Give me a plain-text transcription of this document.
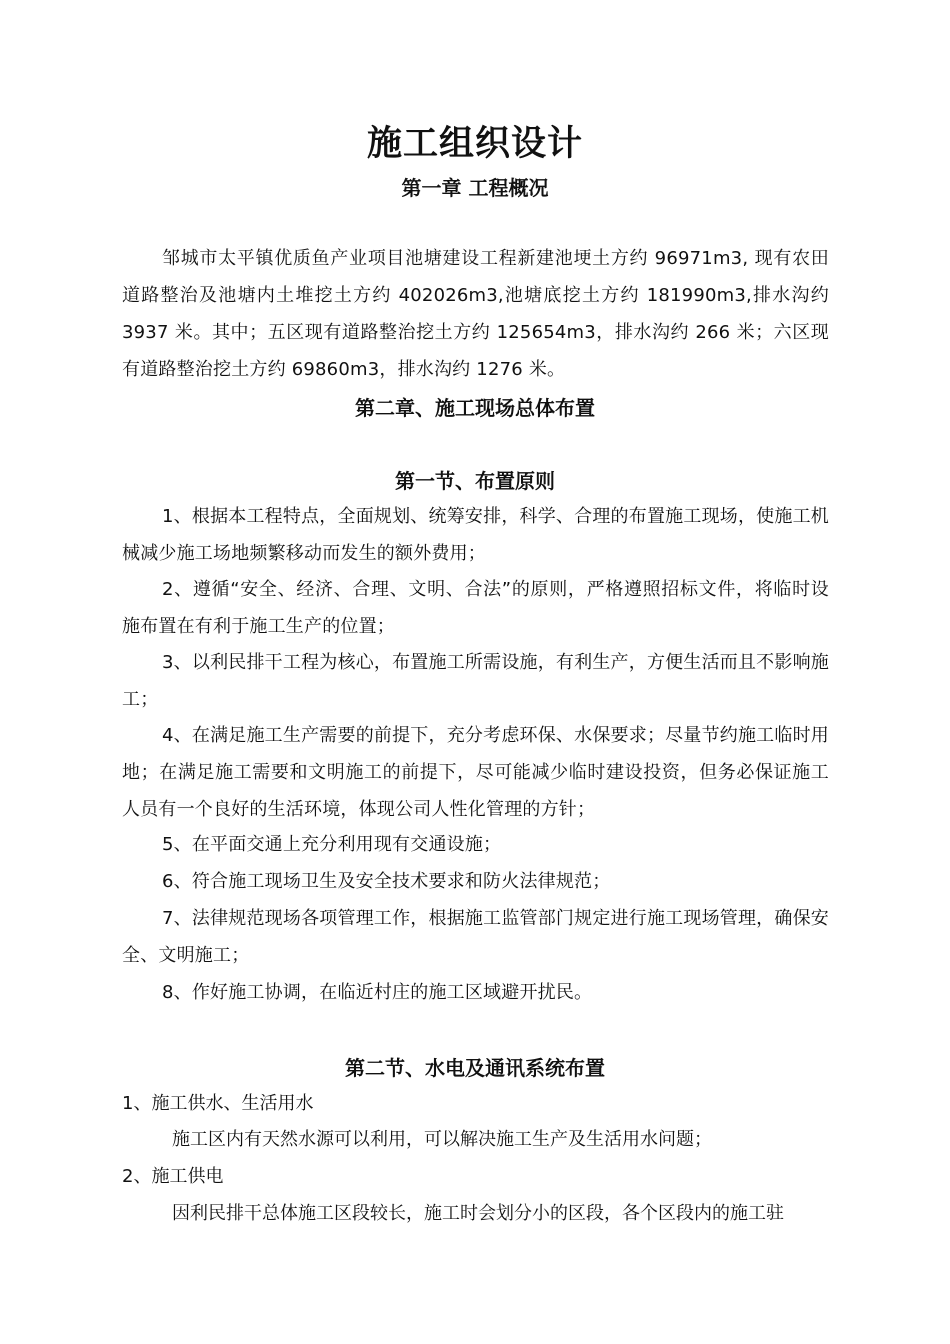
施工组织设计
第一章 工程概况
邹城市太平镇优质鱼产业项目池塘建设工程新建池埂土方约 96971m3, 现有农田道路整治及池塘内土堆挖土方约 402026m3,池塘底挖土方约 181990m3,排水沟约 3937 米。其中；五区现有道路整治挖土方约 125654m3，排水沟约 266 米；六区现有道路整治挖土方约 69860m3，排水沟约 1276 米。
第二章、施工现场总体布置
第一节、布置原则
1、根据本工程特点，全面规划、统筹安排，科学、合理的布置施工现场，使施工机械减少施工场地频繁移动而发生的额外费用；
2、遵循“安全、经济、合理、文明、合法”的原则，严格遵照招标文件，将临时设施布置在有利于施工生产的位置；
3、以利民排干工程为核心，布置施工所需设施，有利生产，方便生活而且不影响施工；
4、在满足施工生产需要的前提下，充分考虑环保、水保要求；尽量节约施工临时用地；在满足施工需要和文明施工的前提下，尽可能减少临时建设投资，但务必保证施工人员有一个良好的生活环境，体现公司人性化管理的方针；
5、在平面交通上充分利用现有交通设施；
6、符合施工现场卫生及安全技术要求和防火法律规范；
7、法律规范现场各项管理工作，根据施工监管部门规定进行施工现场管理，确保安全、文明施工；
8、作好施工协调，在临近村庄的施工区域避开扰民。
第二节、水电及通讯系统布置
1、施工供水、生活用水
施工区内有天然水源可以利用，可以解决施工生产及生活用水问题；
2、施工供电
因利民排干总体施工区段较长，施工时会划分小的区段，各个区段内的施工驻
